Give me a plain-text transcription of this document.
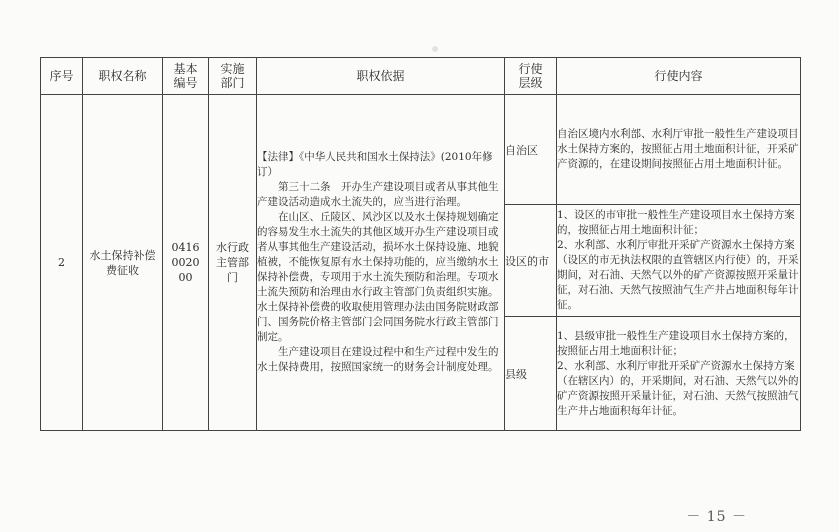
序号	职权名称	基本编号	实施部门	职权依据	行使层级	行使内容
2	水土保持补偿费征收	0416002000	水行政主管部门	【法律】《中华人民共和国水土保持法》(2010年修订）

第三十二条　开办生产建设项目或者从事其他生产建设活动造成水土流失的，应当进行治理。

在山区、丘陵区、风沙区以及水土保持规划确定的容易发生水土流失的其他区域开办生产建设项目或者从事其他生产建设活动，损坏水土保持设施、地貌植被，不能恢复原有水土保持功能的，应当缴纳水土保持补偿费，专项用于水土流失预防和治理。专项水土流失预防和治理由水行政主管部门负责组织实施。水土保持补偿费的收取使用管理办法由国务院财政部门、国务院价格主管部门会同国务院水行政主管部门制定。

生产建设项目在建设过程中和生产过程中发生的水土保持费用，按照国家统一的财务会计制度处理。	自治区	自治区境内水利部、水利厅审批一般性生产建设项目水土保持方案的，按照征占用土地面积计征，开采矿产资源的，在建设期间按照征占用土地面积计征。
					设区的市	1、设区的市审批一般性生产建设项目水土保持方案的，按照征占用土地面积计征；
2、水利部、水利厅审批开采矿产资源水土保持方案（设区的市无执法权限的直管辖区内行使）的，开采期间，对石油、天然气以外的矿产资源按照开采量计征，对石油、天然气按照油气生产井占地面积每年计征。
					县级	1、县级审批一般性生产建设项目水土保持方案的，按照征占用土地面积计征；
2、水利部、水利厅审批开采矿产资源水土保持方案（在辖区内）的，开采期间，对石油、天然气以外的矿产资源按照开采量计征，对石油、天然气按照油气生产井占地面积每年计征。
－ 15 －
